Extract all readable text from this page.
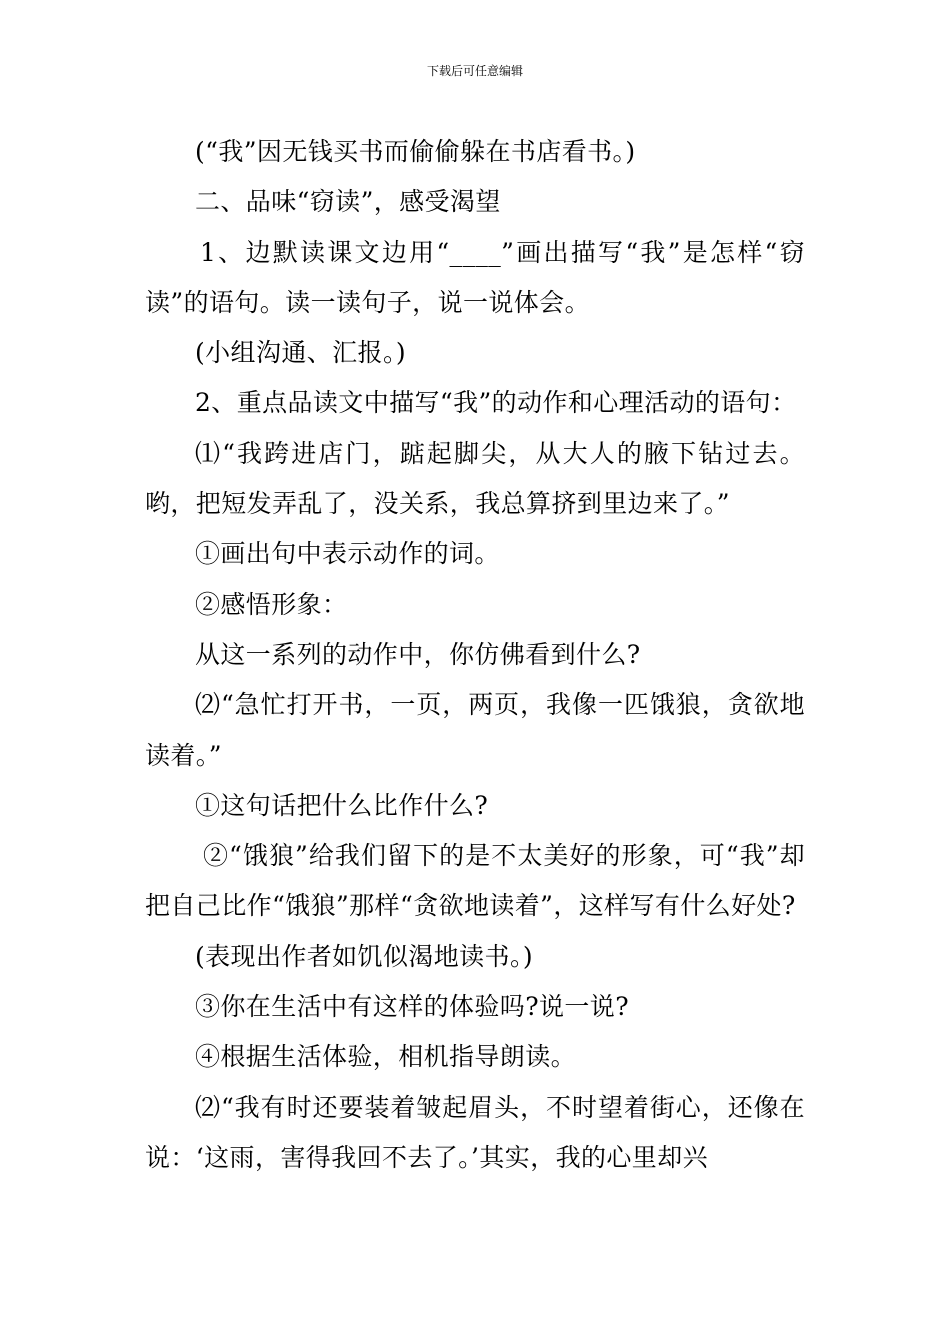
下载后可任意编辑

(“我”因无钱买书而偷偷躲在书店看书。)

二、品味“窃读”，感受渴望

1、边默读课文边用“____”画出描写“我”是怎样“窃读”的语句。读一读句子，说一说体会。

(小组沟通、汇报。)

2、重点品读文中描写“我”的动作和心理活动的语句：

⑴“我跨进店门，踮起脚尖，从大人的腋下钻过去。哟，把短发弄乱了，没关系，我总算挤到里边来了。”

①画出句中表示动作的词。

②感悟形象：

从这一系列的动作中，你仿佛看到什么?

⑵“急忙打开书，一页，两页，我像一匹饿狼，贪欲地读着。”

①这句话把什么比作什么?

②“饿狼”给我们留下的是不太美好的形象，可“我”却把自己比作“饿狼”那样“贪欲地读着”，这样写有什么好处?

(表现出作者如饥似渴地读书。)

③你在生活中有这样的体验吗?说一说?

④根据生活体验，相机指导朗读。

⑵“我有时还要装着皱起眉头，不时望着街心，还像在说：‘这雨，害得我回不去了。’其实，我的心里却兴
